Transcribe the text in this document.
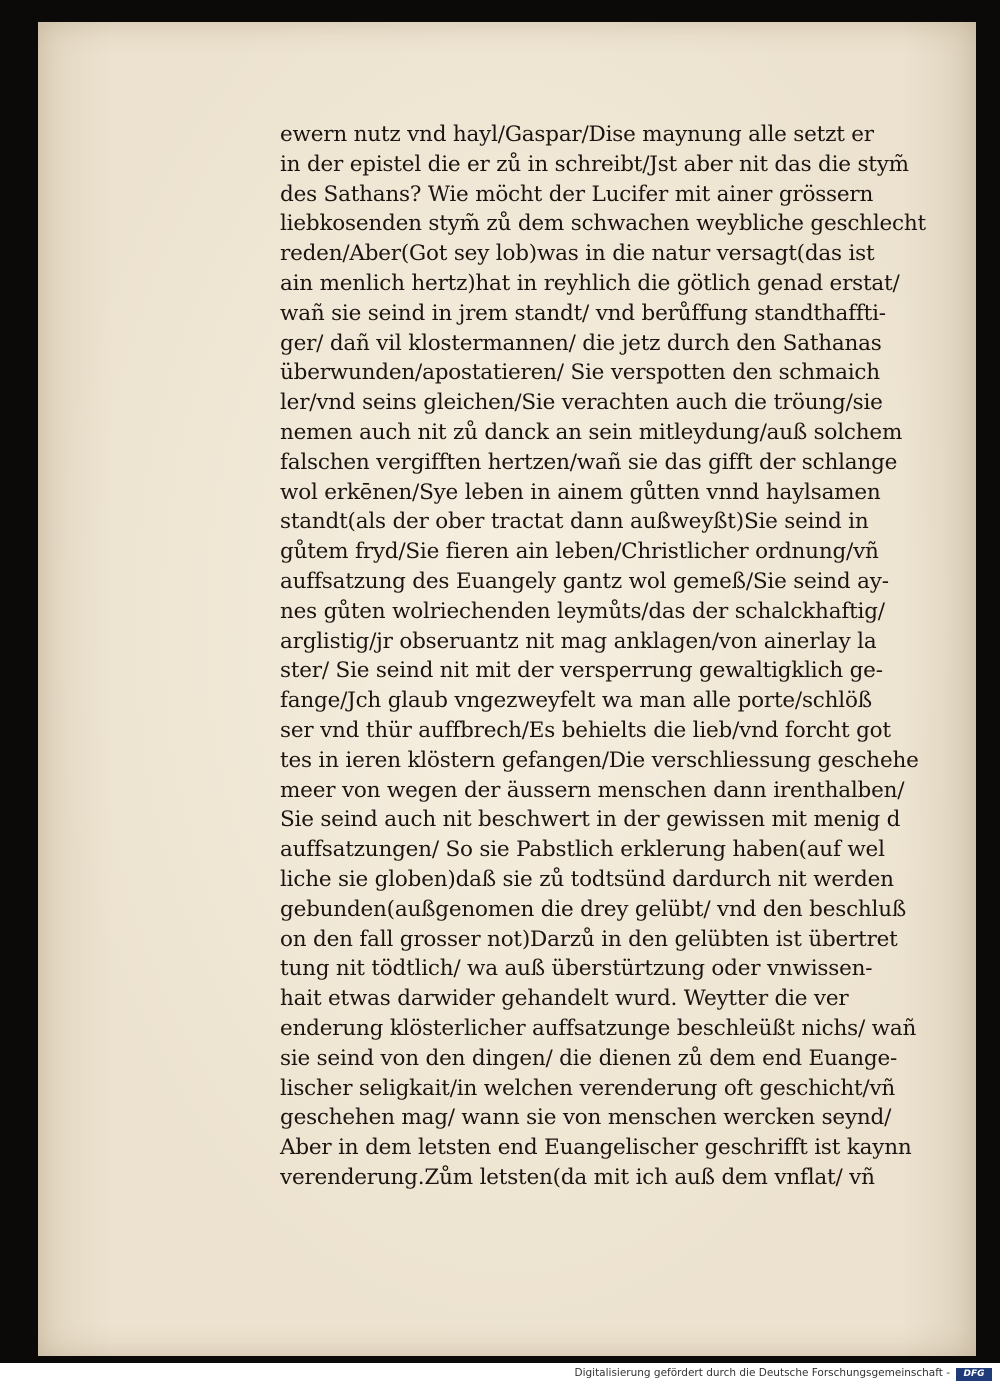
ewern nutz vnd hayl/Gaspar/Dise maynung alle setzt er
in der epistel die er zů in schreibt/Jst aber nit das die stym̃
des Sathans? Wie möcht der Lucifer mit ainer grössern
liebkosenden stym̃ zů dem schwachen weybliche geschlecht
reden/Aber(Got sey lob)was in die natur versagt(das ist
ain menlich hertz)hat in reyhlich die götlich genad erstat/
wañ sie seind in jrem standt/ vnd berůffung standthaffti-
ger/ dañ vil klostermannen/ die jetz durch den Sathanas
überwunden/apostatieren/ Sie verspotten den schmaich
ler/vnd seins gleichen/Sie verachten auch die tröung/sie
nemen auch nit zů danck an sein mitleydung/auß solchem
falschen vergifften hertzen/wañ sie das gifft der schlange
wol erkēnen/Sye leben in ainem gůtten vnnd haylsamen
standt(als der ober tractat dann außweyßt)Sie seind in
gůtem fryd/Sie fieren ain leben/Christlicher ordnung/vñ
auffsatzung des Euangely gantz wol gemeß/Sie seind ay-
nes gůten wolriechenden leymůts/das der schalckhaftig/
arglistig/jr obseruantz nit mag anklagen/von ainerlay la
ster/ Sie seind nit mit der versperrung gewaltigklich ge-
fange/Jch glaub vngezweyfelt wa man alle porte/schlöß
ser vnd thür auffbrech/Es behielts die lieb/vnd forcht got
tes in ieren klöstern gefangen/Die verschliessung geschehe
meer von wegen der äussern menschen dann irenthalben/
Sie seind auch nit beschwert in der gewissen mit menig d
auffsatzungen/ So sie Pabstlich erklerung haben(auf wel
liche sie globen)daß sie zů todtsünd dardurch nit werden
gebunden(außgenomen die drey gelübt/ vnd den beschluß
on den fall grosser not)Darzů in den gelübten ist übertret
tung nit tödtlich/ wa auß überstürtzung oder vnwissen-
hait etwas darwider gehandelt wurd. Weytter die ver
enderung klösterlicher auffsatzunge beschleüßt nichs/ wañ
sie seind von den dingen/ die dienen zů dem end Euange-
lischer seligkait/in welchen verenderung oft geschicht/vñ
geschehen mag/ wann sie von menschen wercken seynd/
Aber in dem letsten end Euangelischer geschrifft ist kaynn
verenderung.Zům letsten(da mit ich auß dem vnflat/ vñ
Digitalisierung gefördert durch die Deutsche Forschungsgemeinschaft -	DFG
